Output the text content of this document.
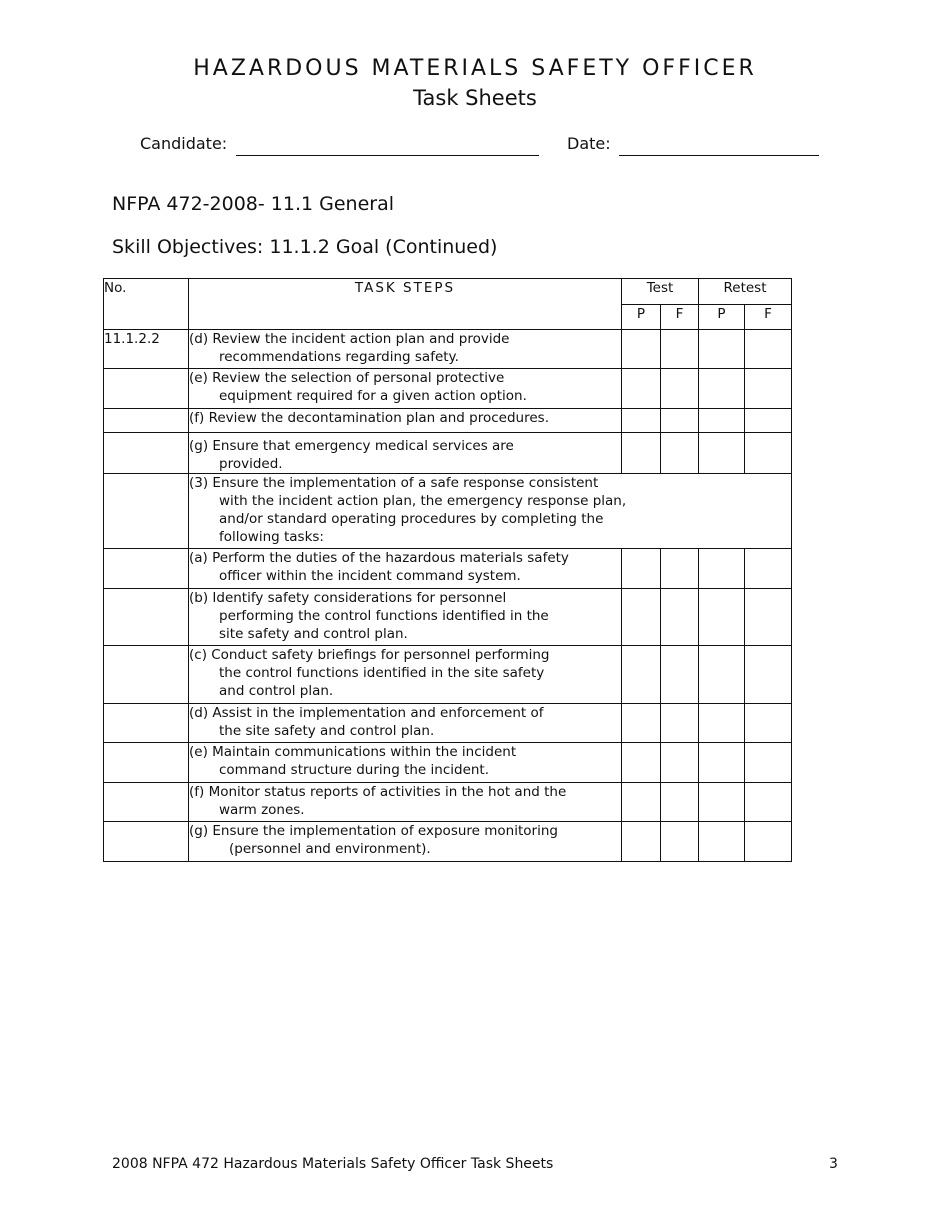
HAZARDOUS MATERIALS SAFETY OFFICER
Task Sheets
Candidate:	Date:
NFPA 472-2008- 11.1 General
Skill Objectives: 11.1.2 Goal (Continued)
No.	TASK STEPS	Test		Retest	
		P	F	P	F
11.1.2.2	(d) Review the incident action plan and provide
recommendations regarding safety.				

	(e) Review the selection of personal protective
equipment required for a given action option.				

	(f) Review the decontamination plan and procedures.				

	(g) Ensure that emergency medical services are
provided.				

	(3) Ensure the implementation of a safe response consistent
with the incident action plan, the emergency response plan,
and/or standard operating procedures by completing the
following tasks:				

	(a) Perform the duties of the hazardous materials safety
officer within the incident command system.				

	(b) Identify safety considerations for personnel
performing the control functions identified in the
site safety and control plan.				

	(c) Conduct safety briefings for personnel performing
the control functions identified in the site safety
and control plan.				

	(d) Assist in the implementation and enforcement of
the site safety and control plan.				

	(e) Maintain communications within the incident
command structure during the incident.				

	(f) Monitor status reports of activities in the hot and the
warm zones.				

	(g) Ensure the implementation of exposure monitoring
(personnel and environment).				

2008 NFPA 472 Hazardous Materials Safety Officer Task Sheets	3
